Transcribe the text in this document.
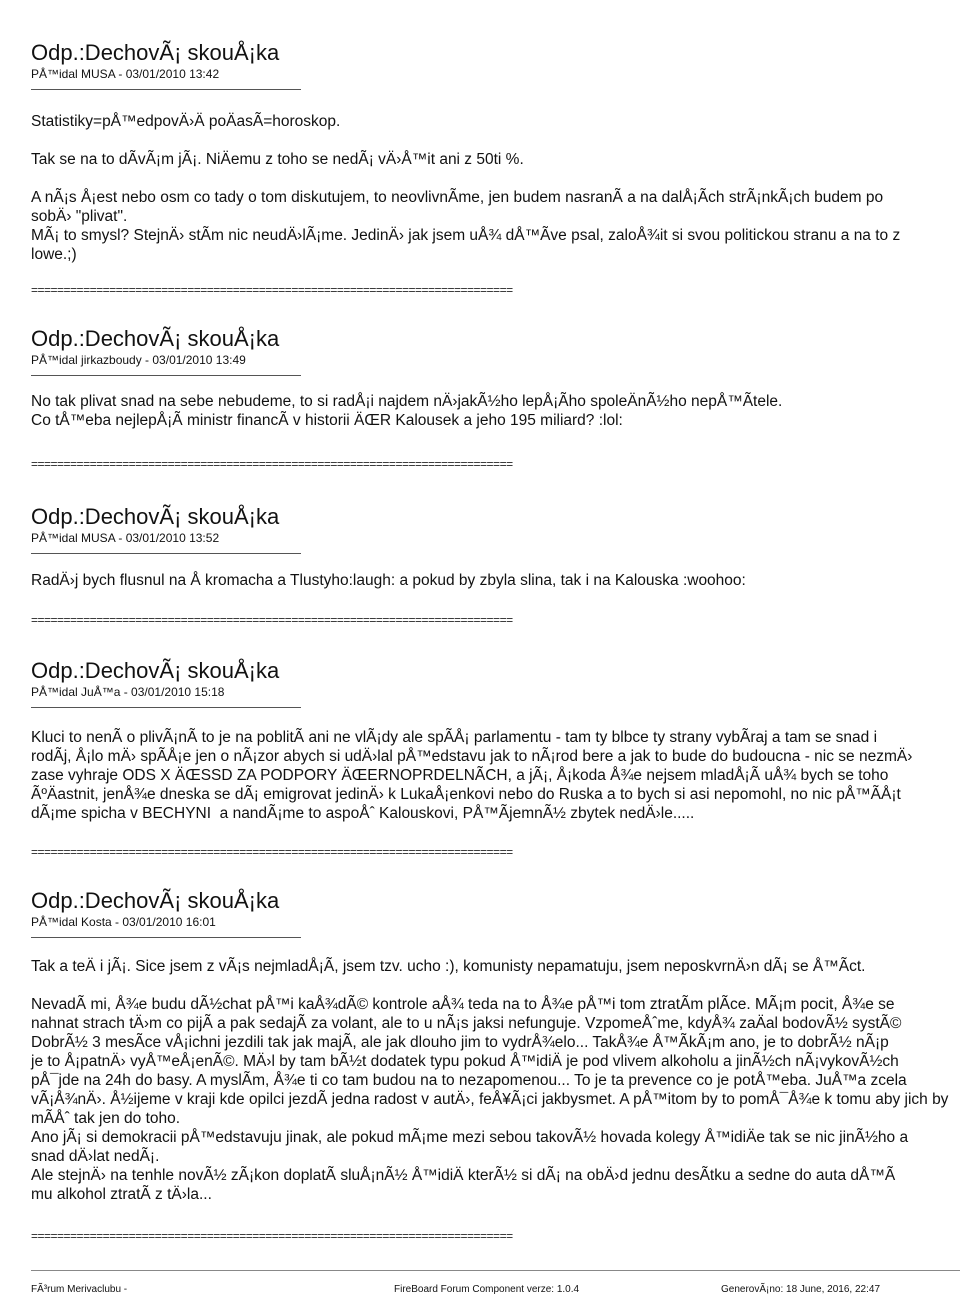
Odp.:DechovÃ¡ skouÅ¡ka
PÅ™idal MUSA - 03/01/2010 13:42
Statistiky=pÅ™edpovÄ›Ä poÄasÃ=horoskop.
Tak se na to dÃvÃ¡m jÃ¡. NiÄemu z toho se nedÃ¡ vÄ›Å™it ani z 50ti %.
A nÃ¡s Å¡est nebo osm co tady o tom diskutujem, to neovlivnÃme, jen budem nasranÃ a na dalÅ¡Ãch strÃ¡nkÃ¡ch budem po
sobÄ› "plivat".
MÃ¡ to smysl? StejnÄ› stÃm nic neudÄ›lÃ¡me. JedinÄ› jak jsem uÅ¾ dÅ™Ãve psal, zaloÅ¾it si svou politickou stranu a na to z
lowe.;)
==========================================================================
Odp.:DechovÃ¡ skouÅ¡ka
PÅ™idal jirkazboudy - 03/01/2010 13:49
No tak plivat snad na sebe nebudeme, to si radÅ¡i najdem nÄ›jakÃ½ho lepÅ¡Ãho spoleÄnÃ½ho nepÅ™Ãtele.
Co tÅ™eba nejlepÅ¡Ã ministr financÃ v historii ÄŒR Kalousek a jeho 195 miliard? :lol:
==========================================================================
Odp.:DechovÃ¡ skouÅ¡ka
PÅ™idal MUSA - 03/01/2010 13:52
RadÄ›j bych flusnul na Å kromacha a Tlustyho:laugh: a pokud by zbyla slina, tak i na Kalouska :woohoo:
==========================================================================
Odp.:DechovÃ¡ skouÅ¡ka
PÅ™idal JuÅ™a - 03/01/2010 15:18
Kluci to nenÃ o plivÃ¡nÃ to je na poblitÃ ani ne vlÃ¡dy ale spÃÅ¡ parlamentu - tam ty blbce ty strany vybÃraj a tam se snad i
rodÃj, Å¡lo mÄ› spÃÅ¡e jen o nÃ¡zor abych si udÄ›lal pÅ™edstavu jak to nÃ¡rod bere a jak to bude do budoucna - nic se nezmÄ›
zase vyhraje ODS X ÄŒSSD ZA PODPORY ÄŒERNOPRDELNÃCH, a jÃ¡, Å¡koda Å¾e nejsem mladÅ¡Ã uÅ¾ bych se toho
ÃºÄastnit, jenÅ¾e dneska se dÃ¡ emigrovat jedinÄ› k LukaÅ¡enkovi nebo do Ruska a to bych si asi nepomohl, no nic pÅ™ÃÅ¡t
dÃ¡me spicha v BECHYNI  a nandÃ¡me to aspoÅˆ Kalouskovi, PÅ™ÃjemnÃ½ zbytek nedÄ›le.....
==========================================================================
Odp.:DechovÃ¡ skouÅ¡ka
PÅ™idal Kosta - 03/01/2010 16:01
Tak a teÄ i jÃ¡. Sice jsem z vÃ¡s nejmladÅ¡Ã, jsem tzv. ucho :), komunisty nepamatuju, jsem neposkvrnÄ›n dÃ¡ se Å™Ãct.
NevadÃ mi, Å¾e budu dÃ½chat pÅ™i kaÅ¾dÃ© kontrole aÅ¾ teda na to Å¾e pÅ™i tom ztratÃm plÃce. MÃ¡m pocit, Å¾e se
nahnat strach tÄ›m co pijÃ a pak sedajÃ za volant, ale to u nÃ¡s jaksi nefunguje. VzpomeÅˆme, kdyÅ¾ zaÄal bodovÃ½ systÃ©
DobrÃ½ 3 mesÃce vÅ¡ichni jezdili tak jak majÃ, ale jak dlouho jim to vydrÅ¾elo... TakÅ¾e Å™ÃkÃ¡m ano, je to dobrÃ½ nÃ¡p
je to Å¡patnÄ› vyÅ™eÅ¡enÃ©. MÄ›l by tam bÃ½t dodatek typu pokud Å™idiÄ je pod vlivem alkoholu a jinÃ½ch nÃ¡vykovÃ½ch
pÅ¯jde na 24h do basy. A myslÃm, Å¾e ti co tam budou na to nezapomenou... To je ta prevence co je potÅ™eba. JuÅ™a zcela
vÃ¡Å¾nÄ›. Å½ijeme v kraji kde opilci jezdÃ jedna radost v autÄ›, feÅ¥Ã¡ci jakbysmet. A pÅ™itom by to pomÅ¯Å¾e k tomu aby jich by
mÃÅˆ tak jen do toho.
Ano jÃ¡ si demokracii pÅ™edstavuju jinak, ale pokud mÃ¡me mezi sebou takovÃ½ hovada kolegy Å™idiÄe tak se nic jinÃ½ho a
snad dÄ›lat nedÃ¡.
Ale stejnÄ› na tenhle novÃ½ zÃ¡kon doplatÃ sluÅ¡nÃ½ Å™idiÄ kterÃ½ si dÃ¡ na obÄ›d jednu desÃtku a sedne do auta dÅ™Ã
mu alkohol ztratÃ z tÄ›la...
==========================================================================
FÃ³rum Merivaclubu -	FireBoard Forum Component verze: 1.0.4	GenerovÃ¡no: 18 June, 2016, 22:47
